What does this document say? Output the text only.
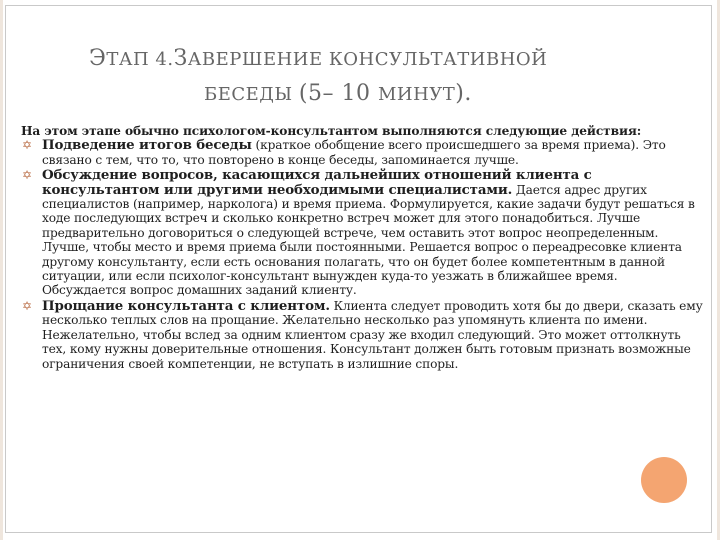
ЭТАП 4.ЗАВЕРШЕНИЕ КОНСУЛЬТАТИВНОЙ
БЕСЕДЫ (5– 10 МИНУТ).

На этом этапе обычно психологом-консультантом выполняются следующие действия:

✡ Подведение итогов беседы (краткое обобщение всего происшедшего за время приема). Это связано с тем, что то, что повторено в конце беседы, запоминается лучше.
✡ Обсуждение вопросов, касающихся дальнейших отношений клиента с консультантом или другими необходимыми специалистами. Дается адрес других специалистов (например, нарколога) и время приема. Формулируется, какие задачи будут решаться в ходе последующих встреч и сколько конкретно встреч может для этого понадобиться. Лучше предварительно договориться о следующей встрече, чем оставить этот вопрос неопределенным. Лучше, чтобы место и время приема были постоянными. Решается вопрос о переадресовке клиента другому консультанту, если есть основания полагать, что он будет более компетентным в данной ситуации, или если психолог-консультант вынужден куда-то уезжать в ближайшее время. Обсуждается вопрос домашних заданий клиенту.
✡ Прощание консультанта с клиентом. Клиента следует проводить хотя бы до двери, сказать ему несколько теплых слов на прощание. Желательно несколько раз упомянуть клиента по имени. Нежелательно, чтобы вслед за одним клиентом сразу же входил следующий. Это может оттолкнуть тех, кому нужны доверительные отношения. Консультант должен быть готовым признать возможные ограничения своей компетенции, не вступать в излишние споры.
